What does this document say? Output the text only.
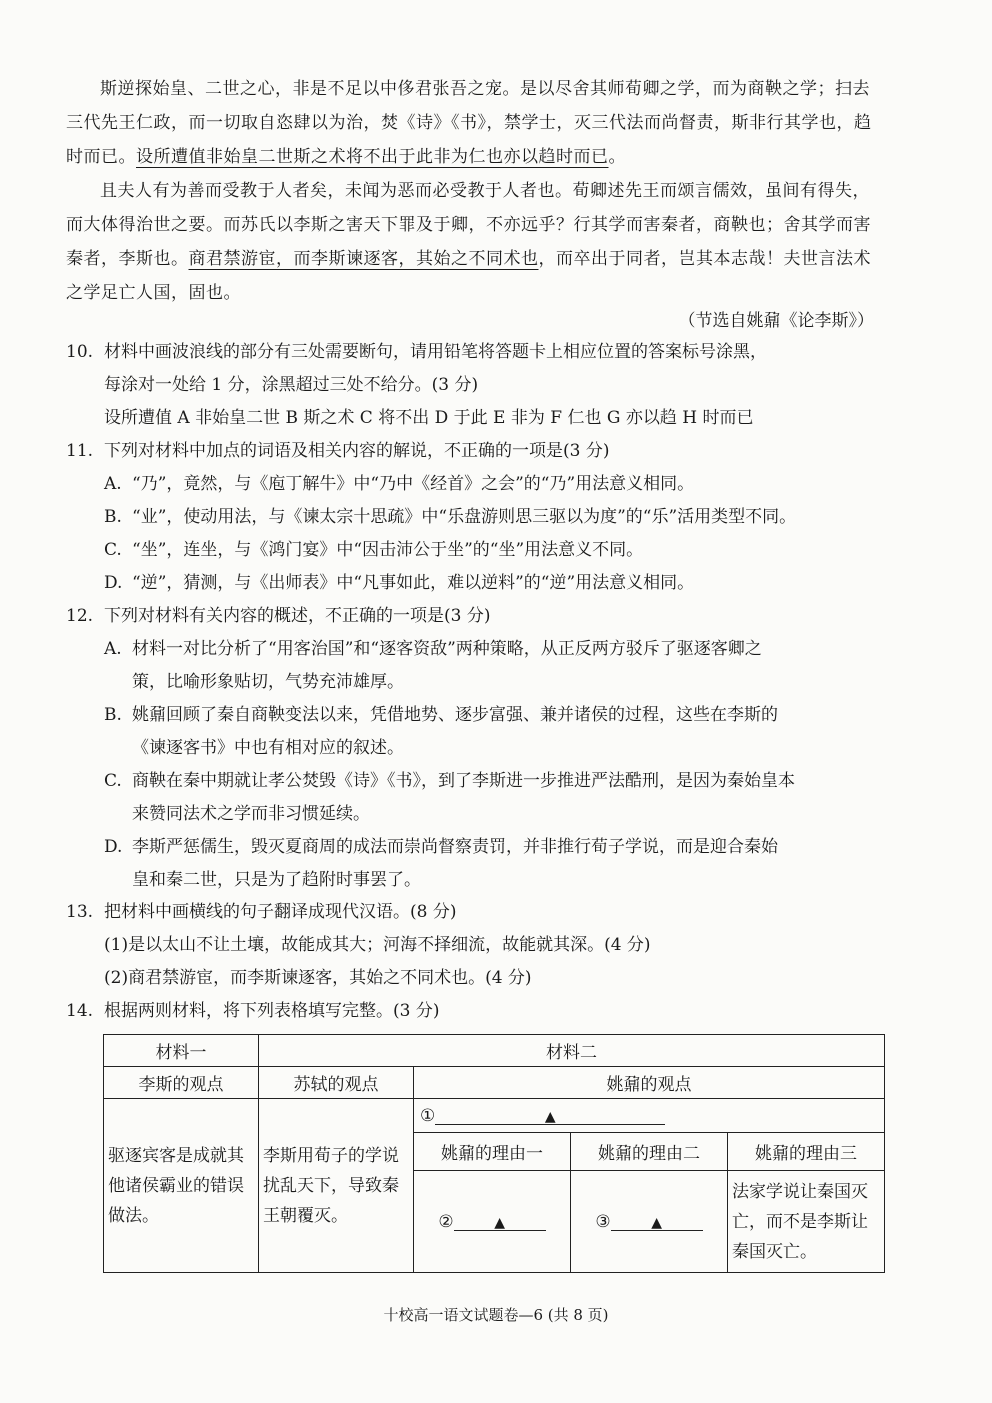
斯逆探始皇、二世之心，非是不足以中侈君张吾之宠。是以尽舍其师荀卿之学，而为商鞅之学；扫去三代先王仁政，而一切取自恣肆以为治，焚《诗》《书》，禁学士，灭三代法而尚督责，斯非行其学也，趋时而已。设所遭值非始皇二世斯之术将不出于此非为仁也亦以趋时而已。

且夫人有为善而受教于人者矣，未闻为恶而必受教于人者也。荀卿述先王而颂言儒效，虽间有得失，而大体得治世之要。而苏氏以李斯之害天下罪及于卿，不亦远乎？行其学而害秦者，商鞅也；舍其学而害秦者，李斯也。商君禁游宦，而李斯谏逐客，其始之不同术也，而卒出于同者，岂其本志哉！夫世言法术之学足亡人国，固也。

（节选自姚鼐《论李斯》）
10. 材料中画波浪线的部分有三处需要断句，请用铅笔将答题卡上相应位置的答案标号涂黑，
每涂对一处给 1 分，涂黑超过三处不给分。(3 分)
设所遭值 A 非始皇二世 B 斯之术 C 将不出 D 于此 E 非为 F 仁也 G 亦以趋 H 时而已
11. 下列对材料中加点的词语及相关内容的解说，不正确的一项是(3 分)
A. “乃”，竟然，与《庖丁解牛》中“乃中《经首》之会”的“乃”用法意义相同。
B. “业”，使动用法，与《谏太宗十思疏》中“乐盘游则思三驱以为度”的“乐”活用类型不同。
C. “坐”，连坐，与《鸿门宴》中“因击沛公于坐”的“坐”用法意义不同。
D. “逆”，猜测，与《出师表》中“凡事如此，难以逆料”的“逆”用法意义相同。
12. 下列对材料有关内容的概述，不正确的一项是(3 分)
A. 材料一对比分析了“用客治国”和“逐客资敌”两种策略，从正反两方驳斥了驱逐客卿之
策，比喻形象贴切，气势充沛雄厚。
B. 姚鼐回顾了秦自商鞅变法以来，凭借地势、逐步富强、兼并诸侯的过程，这些在李斯的
《谏逐客书》中也有相对应的叙述。
C. 商鞅在秦中期就让孝公焚毁《诗》《书》，到了李斯进一步推进严法酷刑，是因为秦始皇本
来赞同法术之学而非习惯延续。
D. 李斯严惩儒生，毁灭夏商周的成法而崇尚督察责罚，并非推行荀子学说，而是迎合秦始
皇和秦二世，只是为了趋附时事罢了。
13. 把材料中画横线的句子翻译成现代汉语。(8 分)
(1)是以太山不让土壤，故能成其大；河海不择细流，故能就其深。(4 分)
(2)商君禁游宦，而李斯谏逐客，其始之不同术也。(4 分)
14. 根据两则材料，将下列表格填写完整。(3 分)
材料一	材料二			
李斯的观点	苏轼的观点	姚鼐的观点		
驱逐宾客是成就其他诸侯霸业的错误做法。	李斯用荀子的学说扰乱天下，导致秦王朝覆灭。	① ▲		
		姚鼐的理由一	姚鼐的理由二	姚鼐的理由三
		② ▲	③ ▲	法家学说让秦国灭亡，而不是李斯让秦国灭亡。
十校高一语文试题卷—6 (共 8 页)
